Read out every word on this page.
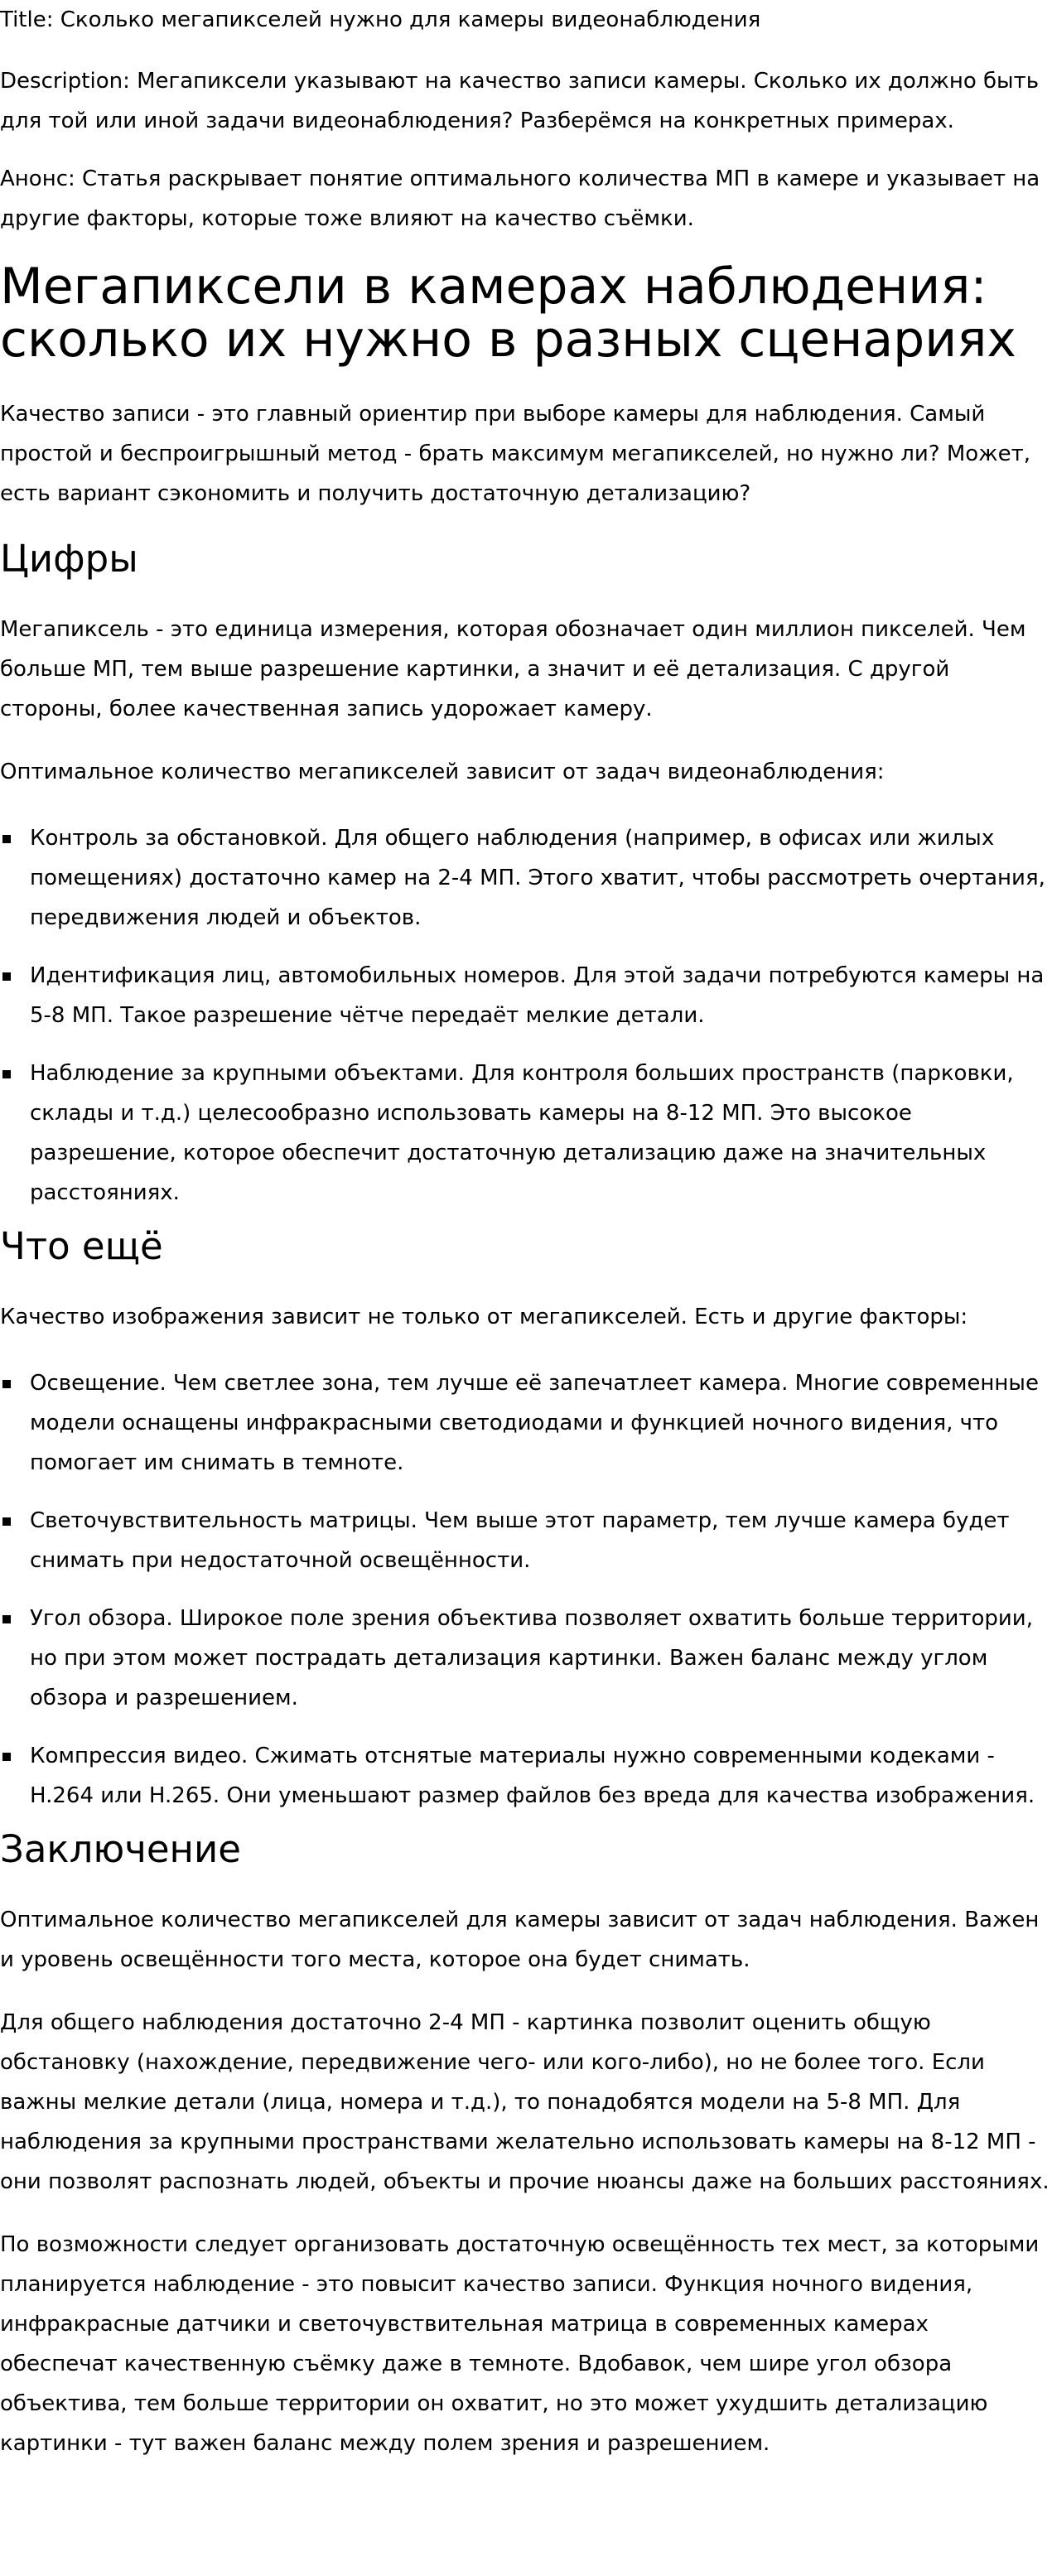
Title: Сколько мегапикселей нужно для камеры видеонаблюдения

Description: Мегапиксели указывают на качество записи камеры. Сколько их должно быть для той или иной задачи видеонаблюдения? Разберёмся на конкретных примерах.

Анонс: Статья раскрывает понятие оптимального количества МП в камере и указывает на другие факторы, которые тоже влияют на качество съёмки.

Мегапиксели в камерах наблюдения: сколько их нужно в разных сценариях

Качество записи - это главный ориентир при выборе камеры для наблюдения. Самый простой и беспроигрышный метод - брать максимум мегапикселей, но нужно ли? Может, есть вариант сэкономить и получить достаточную детализацию?

Цифры

Мегапиксель - это единица измерения, которая обозначает один миллион пикселей. Чем больше МП, тем выше разрешение картинки, а значит и её детализация. С другой стороны, более качественная запись удорожает камеру.

Оптимальное количество мегапикселей зависит от задач видеонаблюдения:

Контроль за обстановкой. Для общего наблюдения (например, в офисах или жилых помещениях) достаточно камер на 2-4 МП. Этого хватит, чтобы рассмотреть очертания, передвижения людей и объектов.
Идентификация лиц, автомобильных номеров. Для этой задачи потребуются камеры на 5-8 МП. Такое разрешение чётче передаёт мелкие детали.
Наблюдение за крупными объектами. Для контроля больших пространств (парковки, склады и т.д.) целесообразно использовать камеры на 8-12 МП. Это высокое разрешение, которое обеспечит достаточную детализацию даже на значительных расстояниях.
Что ещё

Качество изображения зависит не только от мегапикселей. Есть и другие факторы:

Освещение. Чем светлее зона, тем лучше её запечатлеет камера. Многие современные модели оснащены инфракрасными светодиодами и функцией ночного видения, что помогает им снимать в темноте.
Светочувствительность матрицы. Чем выше этот параметр, тем лучше камера будет снимать при недостаточной освещённости.
Угол обзора. Широкое поле зрения объектива позволяет охватить больше территории, но при этом может пострадать детализация картинки. Важен баланс между углом обзора и разрешением.
Компрессия видео. Сжимать отснятые материалы нужно современными кодеками - H.264 или H.265. Они уменьшают размер файлов без вреда для качества изображения.
Заключение

Оптимальное количество мегапикселей для камеры зависит от задач наблюдения. Важен и уровень освещённости того места, которое она будет снимать.

Для общего наблюдения достаточно 2-4 МП - картинка позволит оценить общую обстановку (нахождение, передвижение чего- или кого-либо), но не более того. Если важны мелкие детали (лица, номера и т.д.), то понадобятся модели на 5-8 МП. Для наблюдения за крупными пространствами желательно использовать камеры на 8-12 МП - они позволят распознать людей, объекты и прочие нюансы даже на больших расстояниях.

По возможности следует организовать достаточную освещённость тех мест, за которыми планируется наблюдение - это повысит качество записи. Функция ночного видения, инфракрасные датчики и светочувствительная матрица в современных камерах обеспечат качественную съёмку даже в темноте. Вдобавок, чем шире угол обзора объектива, тем больше территории он охватит, но это может ухудшить детализацию картинки - тут важен баланс между полем зрения и разрешением.
